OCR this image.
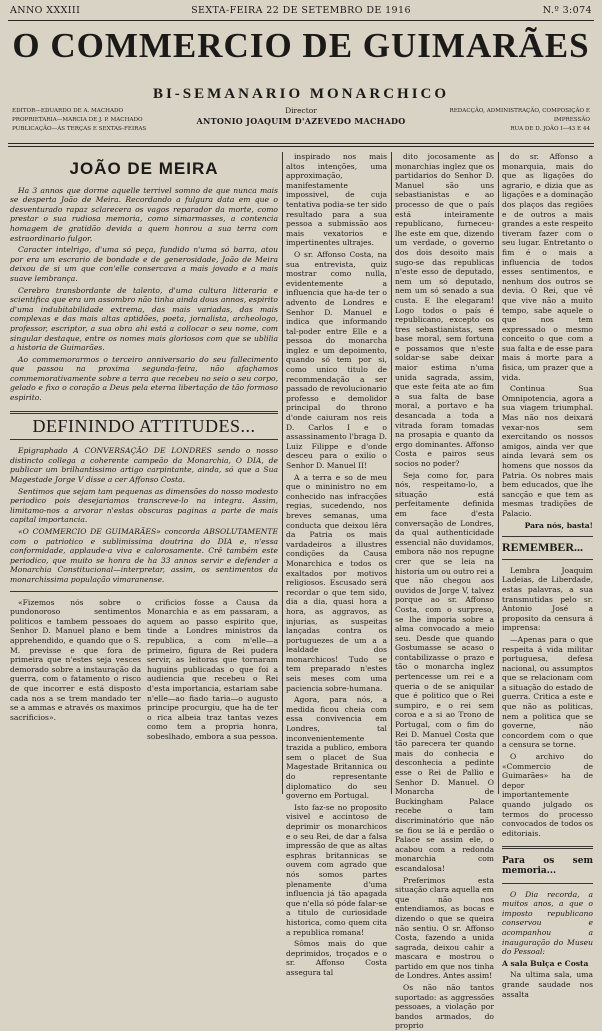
ANNO XXXIII	SEXTA-FEIRA 22 DE SETEMBRO DE 1916	N.º 3:074
O COMMERCIO DE GUIMARÃES
BI-SEMANARIO MONARCHICO
Director
ANTONIO JOAQUIM D'AZEVEDO MACHADO
EDITOR—EDUARDO DE A. MACHADO
PROPRIETARIA—MARCIA DE J. P. MACHADO
PUBLICAÇÃO—ÁS TERÇAS E SEXTAS-FEIRAS
REDACÇÃO, ADMINISTRAÇÃO, COMPOSIÇÃO E
IMPRESSÃO
RUA DE D. JOÃO I—43 E 44
JOÃO DE MEIRA

Ha 3 annos que dorme aquelle terrivel somno de que nunca mais se desperta João de Meira. Recordando a fulgura data em que o desventurado rapaz sclarecera os vagos reparador da morte, como prestar o sua rudiosa memoria, como simarmasses, a contencia homagem de gratidão devida a quem honrou a sua terra com estraordinario fulgor.

Caracter intelrigo, d'uma só peça, fundido n'uma só barra, atou por era um escrario de bondade e de generosidade, João de Meira deixou de si um que con'elle consercava a mais jovado e a mais suave lembrança.

Cerebro transbordante de talento, d'uma cultura litteraria e scientifica que era um assombro não tinha ainda dous annos, espirito d'uma indubitabilidade extrema, das mais variadas, das mais complexas e das mais altas aptidões, poeta, jornalista, archeologo, professor, escriptor, a sua obra ahi está a collocar o seu nome, com singular destaque, entre os nomes mais gloriosos com que se ublilia a historia de Guimarães.

Ao commemorarmos o terceiro anniversario do seu fallecimento que passou na proxima segunda-feira, não afaçhamos commemorativamente sobre a terra que recebeu no seio o seu corpo, gelado e fixo o coração a Deus pela eterna libertação de tão formoso espirito.

DEFININDO ATTITUDES...

Epigraphado A CONVERSAÇÃO DE LONDRES sendo o nosso distincto collega a coherente campeão da Monarchia, O DIA, de publicar um brilhantissimo artigo carpintante, ainda, só que a Sua Magestade Jorge V disse a cer Affonso Costa.

Sentimos que sejam tam pequenas as dimensões do nosso modesto periodico pois desejariamos transcreve-lo na integra. Assim, limitamo-nos a arvorar n'estas obscuras paginas a parte de mais capital importancia.

«O COMMERCIO DE GUIMARÃES» concorda ABSOLUTAMENTE com o patriotico e sublimissima doutrina do DIA e, n'essa conformidade, applaude-a viva e calorosamente. Crê também este periodico, que muito se honra de ha 33 annos servir e defender a Monarchia Constitucional—interpretar, assim, os sentimentos da monarchissima população vimaranense.

«Fizemos nós sobre o pundonoroso sentimentos politicos e tambem pessoaes do Senhor D. Manuel plano e bem apprehendido, e quando que o S. M. previsse e que fora de primeira que n'estes seja vesces demorado sobre a instauração da guerra, com o fatamento o risco de que incorrer e está disposto cada nos a se trem mandado ter se a ammas e através os maximos sacrificios».

crificios fosse a Causa da Monarchia e as em passaram, a aquem ao passo espirito que, tinde a Londres ministros da republica, a com m'elle—a primeiro, figura de Rei pudera servir, as leitoras que tornaram huguins publicadas o que foi a audiencia que recebeu o Rei d'esta importancia, estariam sabe n'elle—ao fiado taria—o augusto principe procurgiu, que ha de ter o rica albeia traz tantas vezes como tem a propria honra, sobeslhado, embora a sua pessoa.

inspirado nos mais altos intenções, uma approximação, manifestamente impossivel, de cuja tentativa podia-se ter sido resultado para a sua pessoa a submissão aos mais vexatorios e impertinentes ultrajes.

O sr. Affonso Costa, na sua entrevista, quiz mostrar como nulla, evidentemente a influencia que ha-de ter o advento de Londres e Senhor D. Manuel e indica que informando tal-poder entre Elle e a pessoa do monarcha inglez e um depoimento, quando só tem por si, como unico titulo de recommendação a ser passado de revolucionario professo e demolidor principal do throno d'onde caiuram nos reis D. Carlos I e o assassinamento l'braga D. Luiz Filippe e d'onde desceu para o exilio o Senhor D. Manuel II!

A a terra e so de meu que o mininistro no em conhecido nas infracções regias, sucedendo, nos breves semanas, uma conducta que deixou lêra da Patria os mais vardadeiros a illustres condições da Causa Monarchica e todos os exaltados por motivos religiosos. Escusado será recordar o que tem sido, dia a dia, quasi hora a hora, as aggravos, as injurias, as suspeitas lançadas contra os portuguezes de um a a lealdade dos monarchicos! Tudo se tem preparado n'estes seis meses com uma paciencia sobre-humana.

Agora, para nós, a medida ficou cheia com essa convivencia em Londres, tal inconvenientemente trazida a publico, embora sem o placet de Sua Magestade Britannica ou do representante diplomatico do seu governo em Portugal.

Isto faz-se no proposito visivel e accintoso de deprimir os monarchicos e o seu Rei, de dar a falsa impressão de que as altas esphras britannicas se ouvem com agrado que nós somos partes plenamente d'uma influencia já tão apagada que n'ella só póde falar-se a titulo de curiosidade historica, como quem cita a republica romana!

Sômos mais do que deprimidos, troçados e o sr. Affonso Costa assegura tal

dito jocosamente as monarchias inglez que os partidarios do Senhor D. Manuel são uns sebastianistas e ao processo de que o país está inteiramente republicano, furneceu-lhe este em que, dizendo um verdade, o governo dos dois desoito mais sugo-se das republicas n'este esso de deputado, nem um só deputado, nem um só senado a sua custa. E lhe elegaram! Logo todos o país é republicano, excepto os tres sebastianistas, sem base moral, sem fortuna e possamos que n'este soldar-se sabe deixar maior estima n'uma unida sagrada, assim, que este feita ate ao fim a sua falta de base moral, a portavo e ha desancada a toda a vitrada foram tomadas na prosapia e quanto da ergo dominantes. Affonso Costa e pairos seus socios no poder?

Seja como for, para nós, respeitamo-lo, a situação está perfeitamente definida em face d'esta conversação de Londres, da qual authenticidade essencial não duvidamos, embora não nos repugne crer que se leia na historia um ou outro rei a que não chegou aos ouvidos de Jorge V, talvez porque ao sr. Affonso Costa, com o surpreso, se lhe imporia sobre a alma convocado a meio seu. Desde que quando Gostumasse se acaso o contabilizasse o prazo e tão o monarcha inglez pertencesse um rei e a queria o de se aniquilar que é politico que o Rei sumpiro, e o rei sem coroa e a si ao Trono de Portugal, com o fim do Rei D. Manuel Costa que tão parecera ter quando mais do conhecia e desconhecia a pedinte esse o Rei de Pallio e Senhor D. Manuel. O Monarcha de Buckingham Palace recebe o tam discriminatório que não se fiou se lá e perdão o Palace se assim ele, o acabou com a redonda monarchia com escandalosa!

Preferimos esta situação clara aquella em que não nos entendiamos, as bocas e dizendo o que se queira não sentiu. O sr. Affonso Costa, fazendo a unida sagrada, deixou cahir a mascara e mostrou o partido em que nos tinha de Londres. Antes assim!

Os não não tantos suportado: as aggressões pessoaes, a violação por bandos armados, do proprio

do sr. Affonso a monarquia, mais do que as ligações do agrario, e dizia que as ligações e a dominação dos plaços das regiões e de outros a mais grandes a este respeito tiveram fazer com o seu lugar. Entretanto o fim é o mais a influencia de todos esses sentimentos, e nenhum dos outros se devia. O Rei, que vê que vive não a muito tempo, sabe aquele o que nos tem expressado o mesmo conceito o que com a sua falta e de esse para mais á morte para a fisica, um prazer que a vida.

Continua Sua Omnipotencia, agora a sua viagem triumphal. Mas não nos deixará vexar-nos sem exercitando os nossos amigos, ainda ver que ainda levará sem os homens que nossos da Patria. Os nobres mais bem educados, que lhe sancção e que tem as mesmas tradições de Palacio.

Para nós, basta!

REMEMBER...

Lembra Joaquim Ladeias, de Liberdade, estas palavras, a sua transmutidas pelo sr. Antonio José a proposito da censura á imprensa:

—Apenas para o que respeita á vida militar portuguesa, defesa nacional, ou assumptos que se relacionam com a situação do estado de guerra. Critica a este e que não as politicas, nem a politica que se governe, não concordem com o que a censura se torne.

O archivo do «Commercio de Guimarães» ha de depor importantemente quando julgado os termos do processo convocados de todos os editoriais.

Para os sem memoria...

O Dia recorda, a muitos anos, a que o imposto republicano conservou e acompanhou a inauguração do Museu do Pessoal:

A sala Bulça e Costa

Na ultima sala, uma grande saudade nos assalta
